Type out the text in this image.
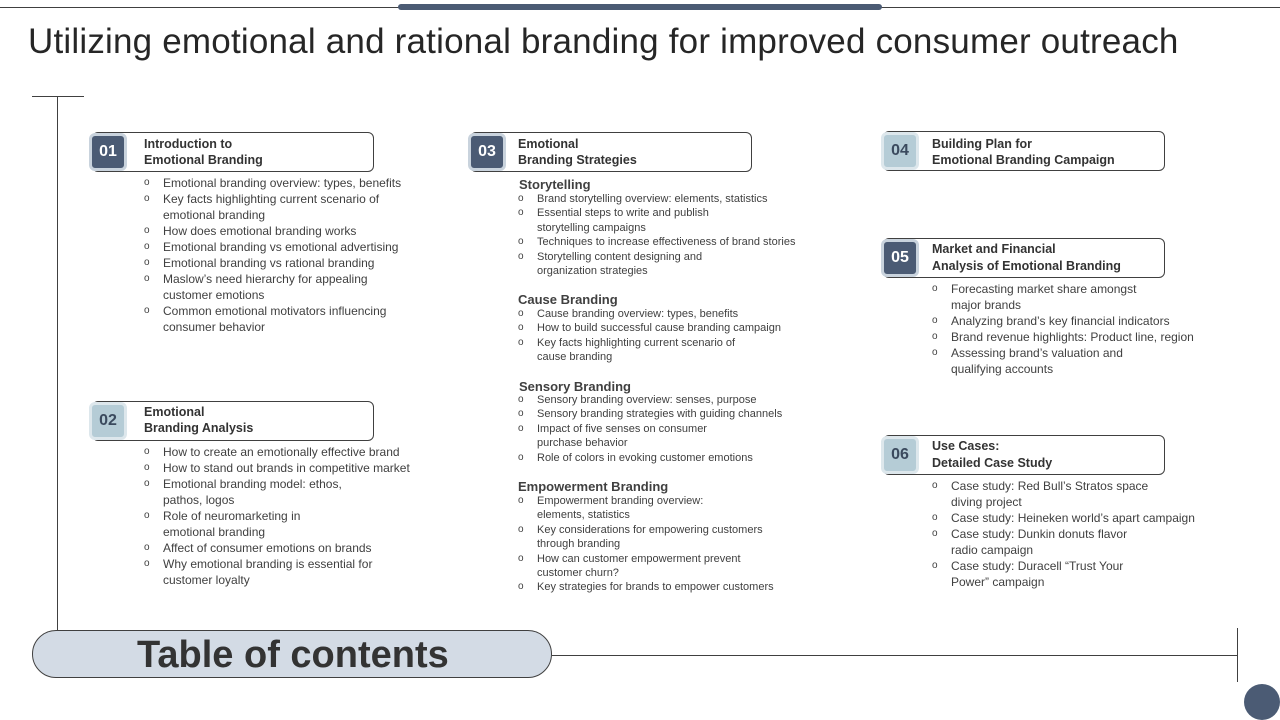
Utilizing emotional and rational branding for improved consumer outreach
Table of contents
01	Introduction to
Emotional Branding
o Emotional branding overview: types, benefits
o Key facts highlighting current scenario of
emotional branding
o How does emotional branding works
o Emotional branding vs emotional advertising
o Emotional branding vs rational branding
o Maslow’s need hierarchy for appealing
customer emotions
o Common emotional motivators influencing
consumer behavior
02	Emotional
Branding Analysis
o How to create an emotionally effective brand
o How to stand out brands in competitive market
o Emotional branding model: ethos,
pathos, logos
o Role of neuromarketing in
emotional branding
o Affect of consumer emotions on brands
o Why emotional branding is essential for
customer loyalty
03	Emotional
Branding Strategies
Storytelling
o Brand storytelling overview: elements, statistics
o Essential steps to write and publish
storytelling campaigns
o Techniques to increase effectiveness of brand stories
o Storytelling content designing and
organization strategies
Cause Branding
o Cause branding overview: types, benefits
o How to build successful cause branding campaign
o Key facts highlighting current scenario of
cause branding
Sensory Branding
o Sensory branding overview: senses, purpose
o Sensory branding strategies with guiding channels
o Impact of five senses on consumer
purchase behavior
o Role of colors in evoking customer emotions
Empowerment Branding
o Empowerment branding overview:
elements, statistics
o Key considerations for empowering customers
through branding
o How can customer empowerment prevent
customer churn?
o Key strategies for brands to empower customers
04	Building Plan for
Emotional Branding Campaign
05	Market and Financial
Analysis of Emotional Branding
o Forecasting market share amongst
major brands
o Analyzing brand’s key financial indicators
o Brand revenue highlights: Product line, region
o Assessing brand’s valuation and
qualifying accounts
06	Use Cases:
Detailed Case Study
o Case study: Red Bull’s Stratos space
diving project
o Case study: Heineken world’s apart campaign
o Case study: Dunkin donuts flavor
radio campaign
o Case study: Duracell “Trust Your
Power” campaign
